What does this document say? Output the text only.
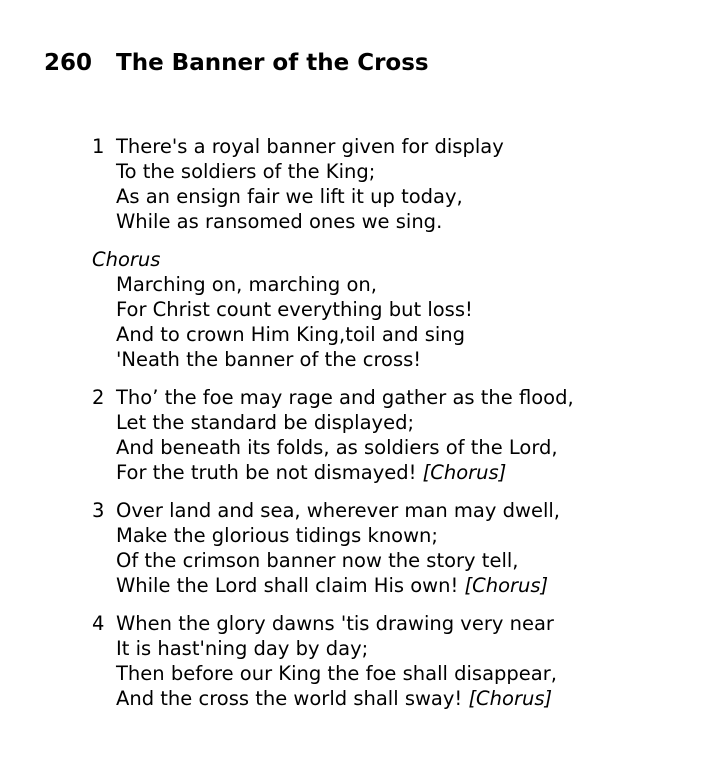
260 The Banner of the Cross
1 There's a royal banner given for display
To the soldiers of the King;
As an ensign fair we lift it up today,
While as ransomed ones we sing.
Chorus
Marching on, marching on,
For Christ count everything but loss!
And to crown Him King,toil and sing
'Neath the banner of the cross!
2 Tho’ the foe may rage and gather as the flood,
Let the standard be displayed;
And beneath its folds, as soldiers of the Lord,
For the truth be not dismayed! [Chorus]
3 Over land and sea, wherever man may dwell,
Make the glorious tidings known;
Of the crimson banner now the story tell,
While the Lord shall claim His own! [Chorus]
4 When the glory dawns 'tis drawing very near
It is hast'ning day by day;
Then before our King the foe shall disappear,
And the cross the world shall sway! [Chorus]
